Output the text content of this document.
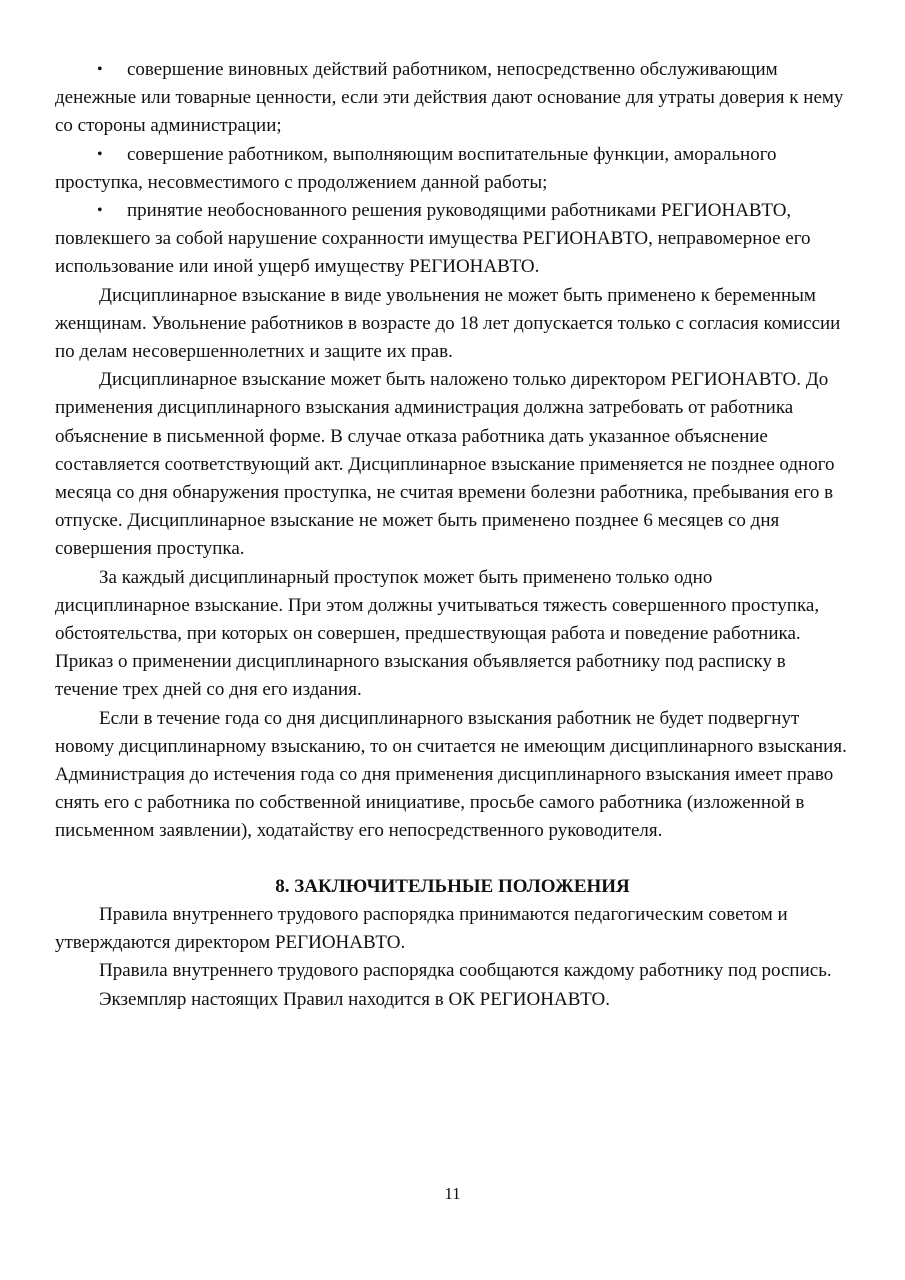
• совершение виновных действий работником, непосредственно обслуживающим денежные или товарные ценности, если эти действия дают основание для утраты доверия к нему со стороны администрации;

• совершение работником, выполняющим воспитательные функции, аморального проступка, несовместимого с продолжением данной работы;

• принятие необоснованного решения руководящими работниками РЕГИОНАВТО, повлекшего за собой нарушение сохранности имущества РЕГИОНАВТО, неправомерное его использование или иной ущерб имуществу РЕГИОНАВТО.

Дисциплинарное взыскание в виде увольнения не может быть применено к беременным женщинам. Увольнение работников в возрасте до 18 лет допускается только с согласия комиссии по делам несовершеннолетних и защите их прав.

Дисциплинарное взыскание может быть наложено только директором РЕГИОНАВТО. До применения дисциплинарного взыскания администрация должна затребовать от работника объяснение в письменной форме. В случае отказа работника дать указанное объяснение составляется соответствующий акт. Дисциплинарное взыскание применяется не позднее одного месяца со дня обнаружения проступка, не считая времени болезни работника, пребывания его в отпуске. Дисциплинарное взыскание не может быть применено позднее 6 месяцев со дня совершения проступка.

За каждый дисциплинарный проступок может быть применено только одно дисциплинарное взыскание. При этом должны учитываться тяжесть совершенного проступка, обстоятельства, при которых он совершен, предшествующая работа и поведение работника. Приказ о применении дисциплинарного взыскания объявляется работнику под расписку в течение трех дней со дня его издания.

Если в течение года со дня дисциплинарного взыскания работник не будет подвергнут новому дисциплинарному взысканию, то он считается не имеющим дисциплинарного взыскания. Администрация до истечения года со дня применения дисциплинарного взыскания имеет право снять его с работника по собственной инициативе, просьбе самого работника (изложенной в письменном заявлении), ходатайству его непосредственного руководителя.

8. ЗАКЛЮЧИТЕЛЬНЫЕ ПОЛОЖЕНИЯ

Правила внутреннего трудового распорядка принимаются педагогическим советом и утверждаются директором РЕГИОНАВТО.

Правила внутреннего трудового распорядка сообщаются каждому работнику под роспись.

Экземпляр настоящих Правил находится в ОК РЕГИОНАВТО.

11
